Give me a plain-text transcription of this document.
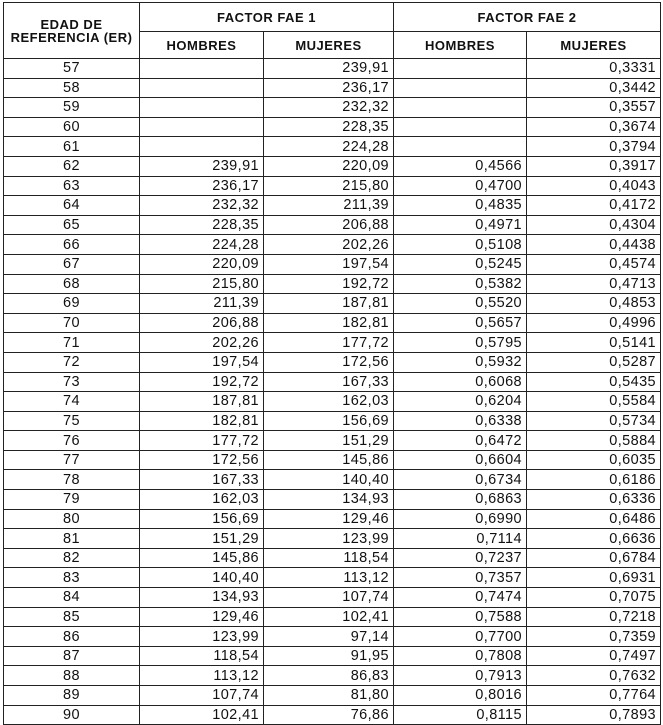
EDAD DE REFERENCIA (ER)	FACTOR FAE 1		FACTOR FAE 2	
	HOMBRES	MUJERES	HOMBRES	MUJERES
57		239,91		0,3331
58		236,17		0,3442
59		232,32		0,3557
60		228,35		0,3674
61		224,28		0,3794
62	239,91	220,09	0,4566	0,3917
63	236,17	215,80	0,4700	0,4043
64	232,32	211,39	0,4835	0,4172
65	228,35	206,88	0,4971	0,4304
66	224,28	202,26	0,5108	0,4438
67	220,09	197,54	0,5245	0,4574
68	215,80	192,72	0,5382	0,4713
69	211,39	187,81	0,5520	0,4853
70	206,88	182,81	0,5657	0,4996
71	202,26	177,72	0,5795	0,5141
72	197,54	172,56	0,5932	0,5287
73	192,72	167,33	0,6068	0,5435
74	187,81	162,03	0,6204	0,5584
75	182,81	156,69	0,6338	0,5734
76	177,72	151,29	0,6472	0,5884
77	172,56	145,86	0,6604	0,6035
78	167,33	140,40	0,6734	0,6186
79	162,03	134,93	0,6863	0,6336
80	156,69	129,46	0,6990	0,6486
81	151,29	123,99	0,7114	0,6636
82	145,86	118,54	0,7237	0,6784
83	140,40	113,12	0,7357	0,6931
84	134,93	107,74	0,7474	0,7075
85	129,46	102,41	0,7588	0,7218
86	123,99	97,14	0,7700	0,7359
87	118,54	91,95	0,7808	0,7497
88	113,12	86,83	0,7913	0,7632
89	107,74	81,80	0,8016	0,7764
90	102,41	76,86	0,8115	0,7893
